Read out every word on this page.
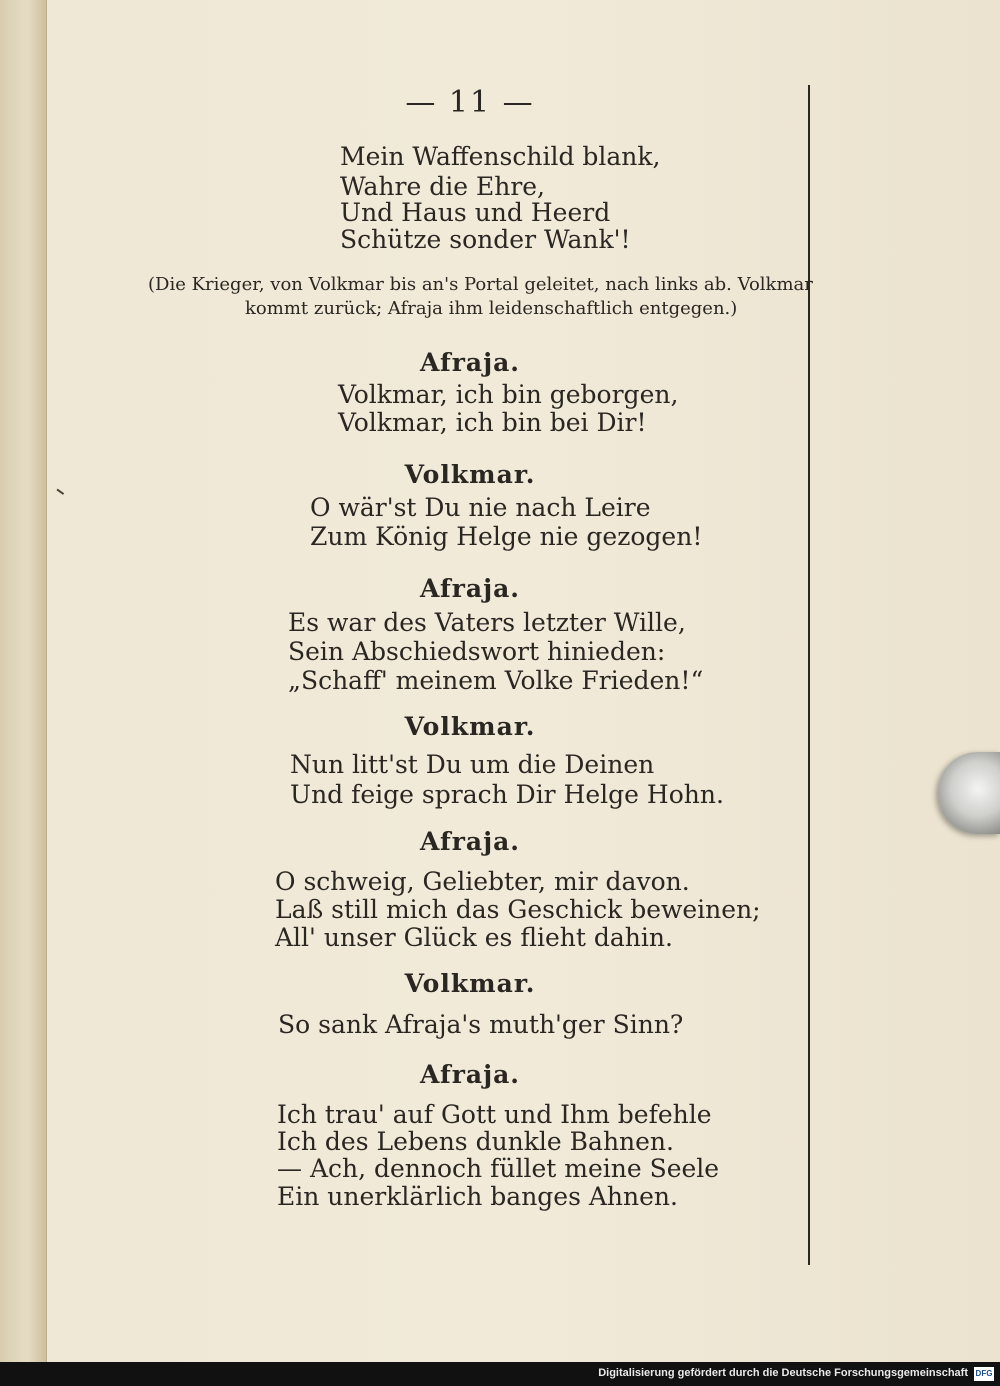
— 11 —
Mein Waffenschild blank,
Wahre die Ehre,
Und Haus und Heerd
Schütze sonder Wank'!
(Die Krieger, von Volkmar bis an's Portal geleitet, nach links ab. Volkmar
kommt zurück; Afraja ihm leidenschaftlich entgegen.)
Afraja.
Volkmar, ich bin geborgen,
Volkmar, ich bin bei Dir!
Volkmar.
O wär'st Du nie nach Leire
Zum König Helge nie gezogen!
Afraja.
Es war des Vaters letzter Wille,
Sein Abschiedswort hinieden:
„Schaff' meinem Volke Frieden!“
Volkmar.
Nun litt'st Du um die Deinen
Und feige sprach Dir Helge Hohn.
Afraja.
O schweig, Geliebter, mir davon.
Laß still mich das Geschick beweinen;
All' unser Glück es flieht dahin.
Volkmar.
So sank Afraja's muth'ger Sinn?
Afraja.
Ich trau' auf Gott und Ihm befehle
Ich des Lebens dunkle Bahnen.
— Ach, dennoch füllet meine Seele
Ein unerklärlich banges Ahnen.
Digitalisierung gefördert durch die Deutsche Forschungsgemeinschaft DFG
